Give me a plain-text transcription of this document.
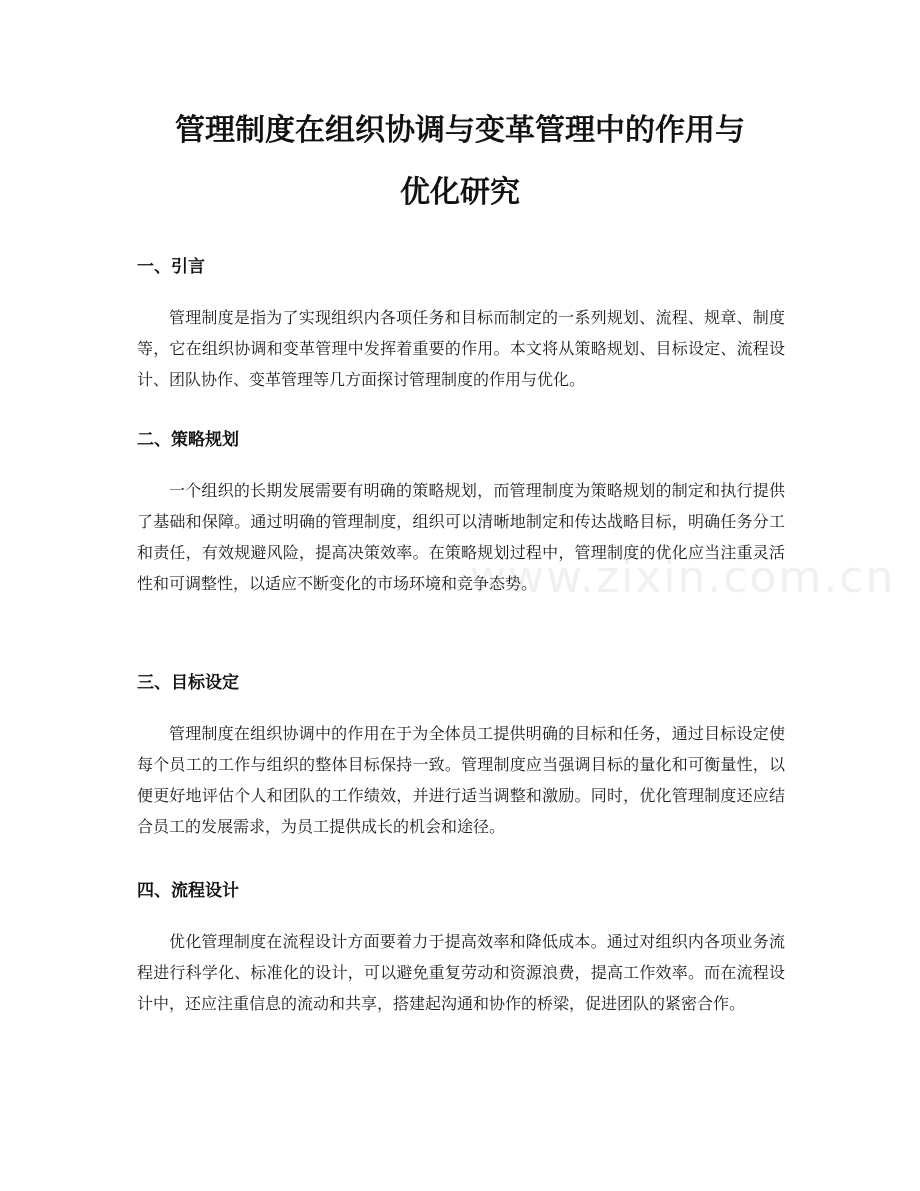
管理制度在组织协调与变革管理中的作用与
优化研究
一、引言

管理制度是指为了实现组织内各项任务和目标而制定的一系列规划、流程、规章、制度等，它在组织协调和变革管理中发挥着重要的作用。本文将从策略规划、目标设定、流程设计、团队协作、变革管理等几方面探讨管理制度的作用与优化。

二、策略规划

一个组织的长期发展需要有明确的策略规划，而管理制度为策略规划的制定和执行提供了基础和保障。通过明确的管理制度，组织可以清晰地制定和传达战略目标，明确任务分工和责任，有效规避风险，提高决策效率。在策略规划过程中，管理制度的优化应当注重灵活性和可调整性，以适应不断变化的市场环境和竞争态势。

三、目标设定

管理制度在组织协调中的作用在于为全体员工提供明确的目标和任务，通过目标设定使每个员工的工作与组织的整体目标保持一致。管理制度应当强调目标的量化和可衡量性，以便更好地评估个人和团队的工作绩效，并进行适当调整和激励。同时，优化管理制度还应结合员工的发展需求，为员工提供成长的机会和途径。

四、流程设计

优化管理制度在流程设计方面要着力于提高效率和降低成本。通过对组织内各项业务流程进行科学化、标准化的设计，可以避免重复劳动和资源浪费，提高工作效率。而在流程设计中，还应注重信息的流动和共享，搭建起沟通和协作的桥梁，促进团队的紧密合作。

www.zixin.com.cn
